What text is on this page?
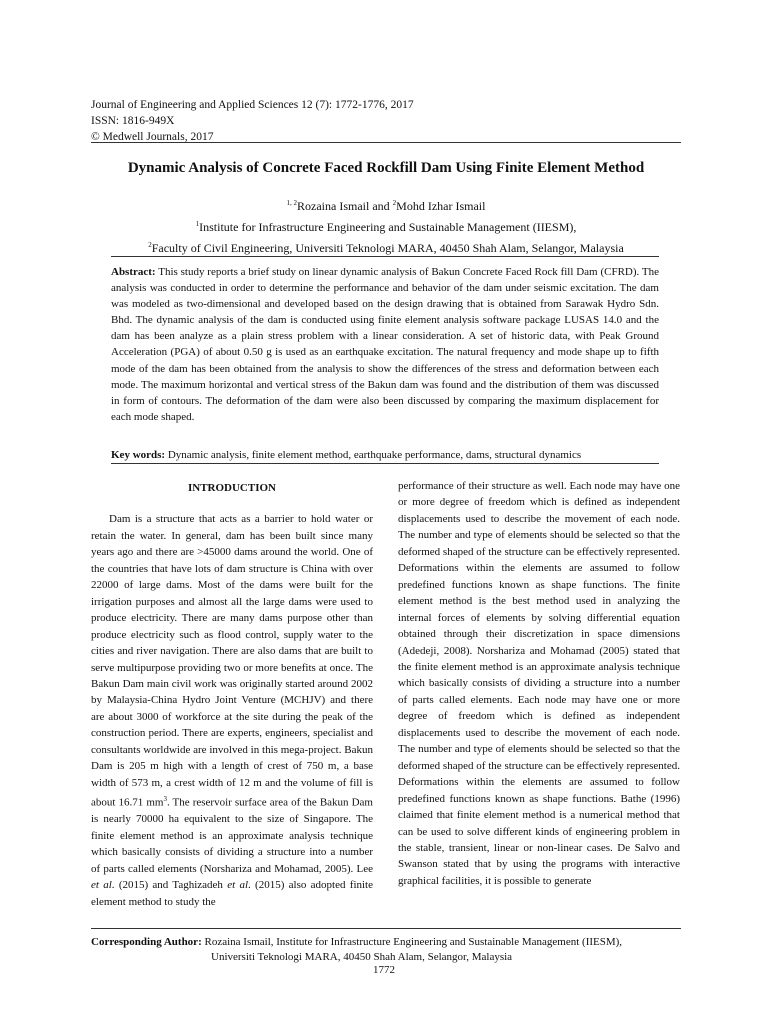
Journal of Engineering and Applied Sciences 12 (7): 1772-1776, 2017
ISSN: 1816-949X
© Medwell Journals, 2017
Dynamic Analysis of Concrete Faced Rockfill Dam Using Finite Element Method
$^{1, 2}$Rozaina Ismail and $^2$Mohd Izhar Ismail
$^1$Institute for Infrastructure Engineering and Sustainable Management (IIESM),
$^2$Faculty of Civil Engineering, Universiti Teknologi MARA, 40450 Shah Alam, Selangor, Malaysia
Abstract: This study reports a brief study on linear dynamic analysis of Bakun Concrete Faced Rock fill Dam (CFRD). The analysis was conducted in order to determine the performance and behavior of the dam under seismic excitation. The dam was modeled as two-dimensional and developed based on the design drawing that is obtained from Sarawak Hydro Sdn. Bhd. The dynamic analysis of the dam is conducted using finite element analysis software package LUSAS 14.0 and the dam has been analyze as a plain stress problem with a linear consideration. A set of historic data, with Peak Ground Acceleration (PGA) of about 0.50 g is used as an earthquake excitation. The natural frequency and mode shape up to fifth mode of the dam has been obtained from the analysis to show the differences of the stress and deformation between each mode. The maximum horizontal and vertical stress of the Bakun dam was found and the distribution of them was discussed in form of contours. The deformation of the dam were also been discussed by comparing the maximum displacement for each mode shaped.
Key words: Dynamic analysis, finite element method, earthquake performance, dams, structural dynamics
INTRODUCTION

Dam is a structure that acts as a barrier to hold water or retain the water. In general, dam has been built since many years ago and there are >45000 dams around the world. One of the countries that have lots of dam structure is China with over 22000 of large dams. Most of the dams were built for the irrigation purposes and almost all the large dams were used to produce electricity. There are many dams purpose other than produce electricity such as flood control, supply water to the cities and river navigation. There are also dams that are built to serve multipurpose providing two or more benefits at once. The Bakun Dam main civil work was originally started around 2002 by Malaysia-China Hydro Joint Venture (MCHJV) and there are about 3000 of workforce at the site during the peak of the construction period. There are experts, engineers, specialist and consultants worldwide are involved in this mega-project. Bakun Dam is 205 m high with a length of crest of 750 m, a base width of 573 m, a crest width of 12 m and the volume of fill is about 16.71 $mm^3$. The reservoir surface area of the Bakun Dam is nearly 70000 ha equivalent to the size of Singapore. The finite element method is an approximate analysis technique which basically consists of dividing a structure into a number of parts called elements (Norshariza and Mohamad, 2005). Lee et al. (2015) and Taghizadeh et al. (2015) also adopted finite element method to study the

performance of their structure as well. Each node may have one or more degree of freedom which is defined as independent displacements used to describe the movement of each node. The number and type of elements should be selected so that the deformed shaped of the structure can be effectively represented. Deformations within the elements are assumed to follow predefined functions known as shape functions. The finite element method is the best method used in analyzing the internal forces of elements by solving differential equation obtained through their discretization in space dimensions (Adedeji, 2008). Norshariza and Mohamad (2005) stated that the finite element method is an approximate analysis technique which basically consists of dividing a structure into a number of parts called elements. Each node may have one or more degree of freedom which is defined as independent displacements used to describe the movement of each node. The number and type of elements should be selected so that the deformed shaped of the structure can be effectively represented. Deformations within the elements are assumed to follow predefined functions known as shape functions. Bathe (1996) claimed that finite element method is a numerical method that can be used to solve different kinds of engineering problem in the stable, transient, linear or non-linear cases. De Salvo and Swanson stated that by using the programs with interactive graphical facilities, it is possible to generate

Corresponding Author: Rozaina Ismail, Institute for Infrastructure Engineering and Sustainable Management (IIESM),
Universiti Teknologi MARA, 40450 Shah Alam, Selangor, Malaysia
1772
